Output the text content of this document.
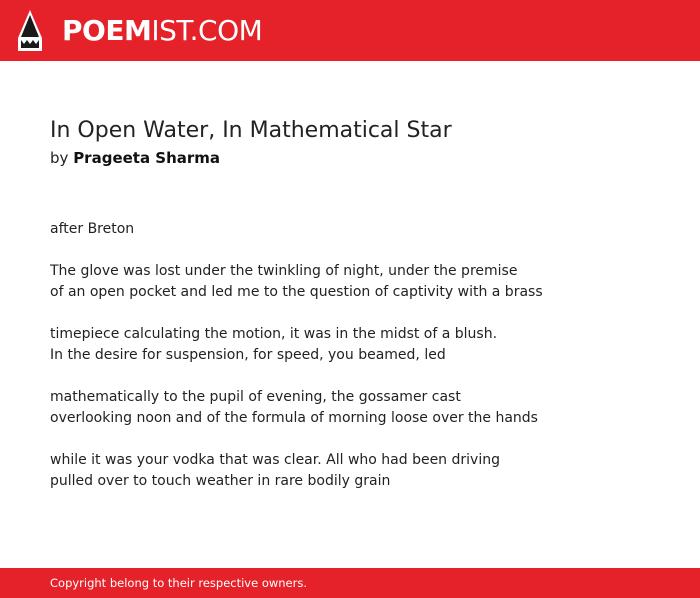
POEMIST.COM
In Open Water, In Mathematical Star
by Prageeta Sharma
after Breton
The glove was lost under the twinkling of night, under the premise
of an open pocket and led me to the question of captivity with a brass
timepiece calculating the motion, it was in the midst of a blush.
In the desire for suspension, for speed, you beamed, led
mathematically to the pupil of evening, the gossamer cast
overlooking noon and of the formula of morning loose over the hands
while it was your vodka that was clear. All who had been driving
pulled over to touch weather in rare bodily grain
Copyright belong to their respective owners.
